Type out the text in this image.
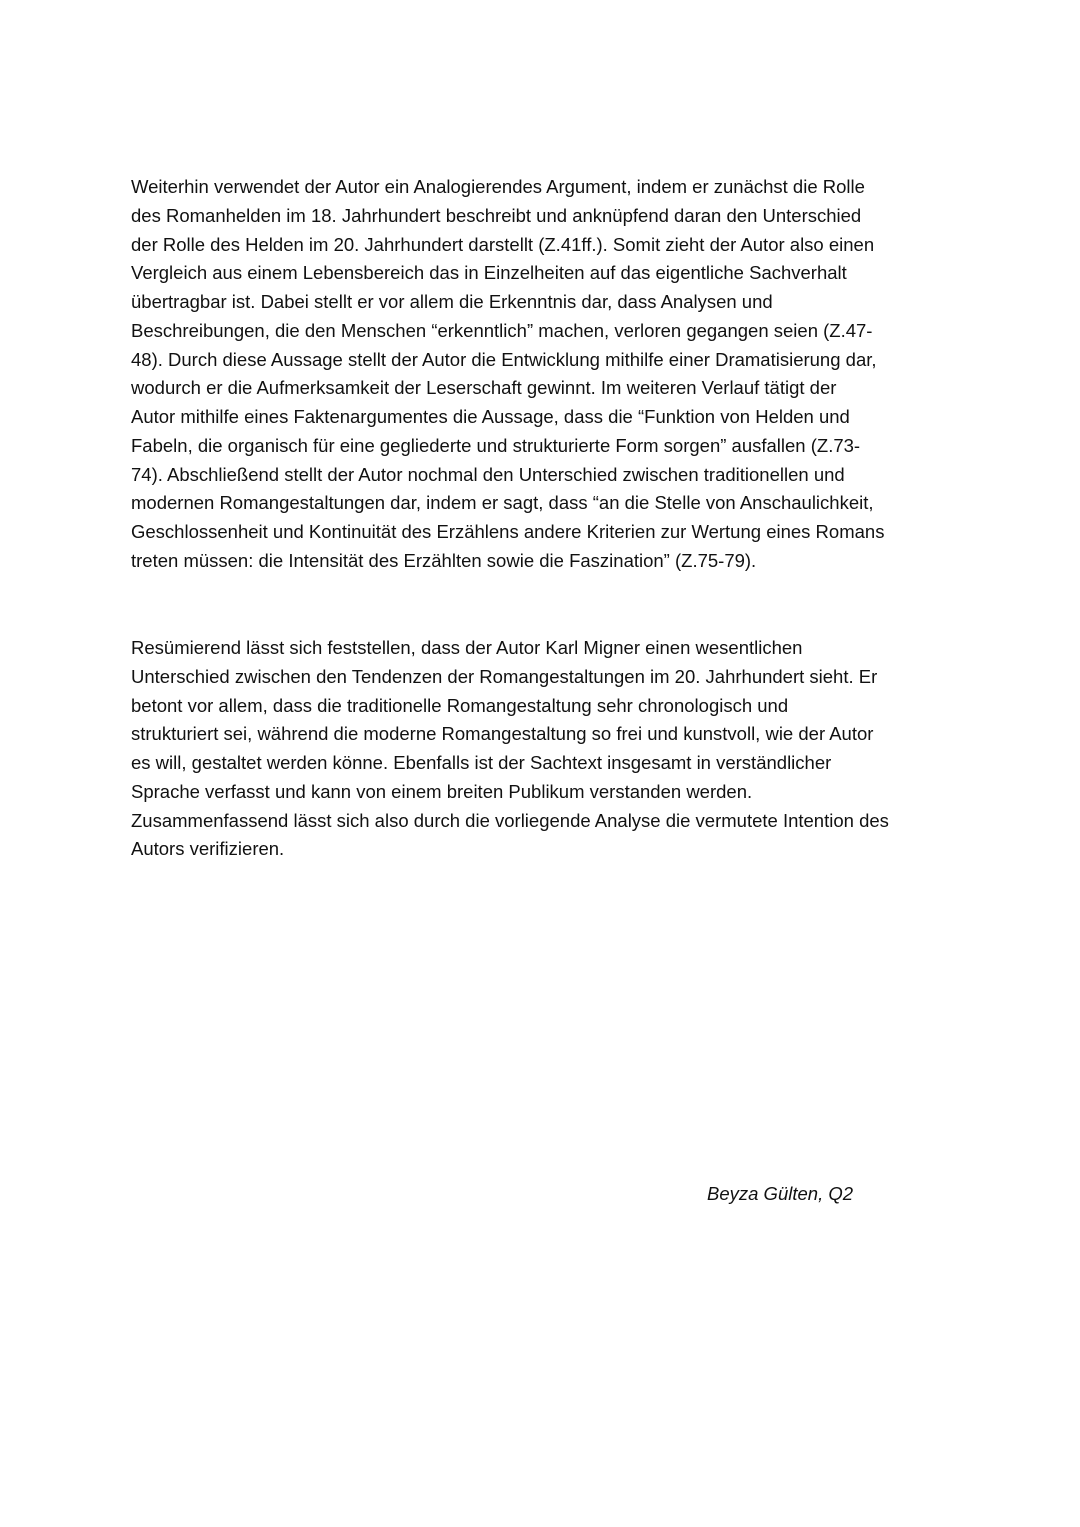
Weiterhin verwendet der Autor ein Analogierendes Argument, indem er zunächst die Rolle
des Romanhelden im 18. Jahrhundert beschreibt und anknüpfend daran den Unterschied
der Rolle des Helden im 20. Jahrhundert darstellt (Z.41ff.). Somit zieht der Autor also einen
Vergleich aus einem Lebensbereich das in Einzelheiten auf das eigentliche Sachverhalt
übertragbar ist. Dabei stellt er vor allem die Erkenntnis dar, dass Analysen und
Beschreibungen, die den Menschen “erkenntlich” machen, verloren gegangen seien (Z.47-
48). Durch diese Aussage stellt der Autor die Entwicklung mithilfe einer Dramatisierung dar,
wodurch er die Aufmerksamkeit der Leserschaft gewinnt. Im weiteren Verlauf tätigt der
Autor mithilfe eines Faktenargumentes die Aussage, dass die “Funktion von Helden und
Fabeln, die organisch für eine gegliederte und strukturierte Form sorgen” ausfallen (Z.73-
74). Abschließend stellt der Autor nochmal den Unterschied zwischen traditionellen und
modernen Romangestaltungen dar, indem er sagt, dass “an die Stelle von Anschaulichkeit,
Geschlossenheit und Kontinuität des Erzählens andere Kriterien zur Wertung eines Romans
treten müssen: die Intensität des Erzählten sowie die Faszination” (Z.75-79).

Resümierend lässt sich feststellen, dass der Autor Karl Migner einen wesentlichen
Unterschied zwischen den Tendenzen der Romangestaltungen im 20. Jahrhundert sieht. Er
betont vor allem, dass die traditionelle Romangestaltung sehr chronologisch und
strukturiert sei, während die moderne Romangestaltung so frei und kunstvoll, wie der Autor
es will, gestaltet werden könne. Ebenfalls ist der Sachtext insgesamt in verständlicher
Sprache verfasst und kann von einem breiten Publikum verstanden werden.
Zusammenfassend lässt sich also durch die vorliegende Analyse die vermutete Intention des
Autors verifizieren.

Beyza Gülten, Q2
